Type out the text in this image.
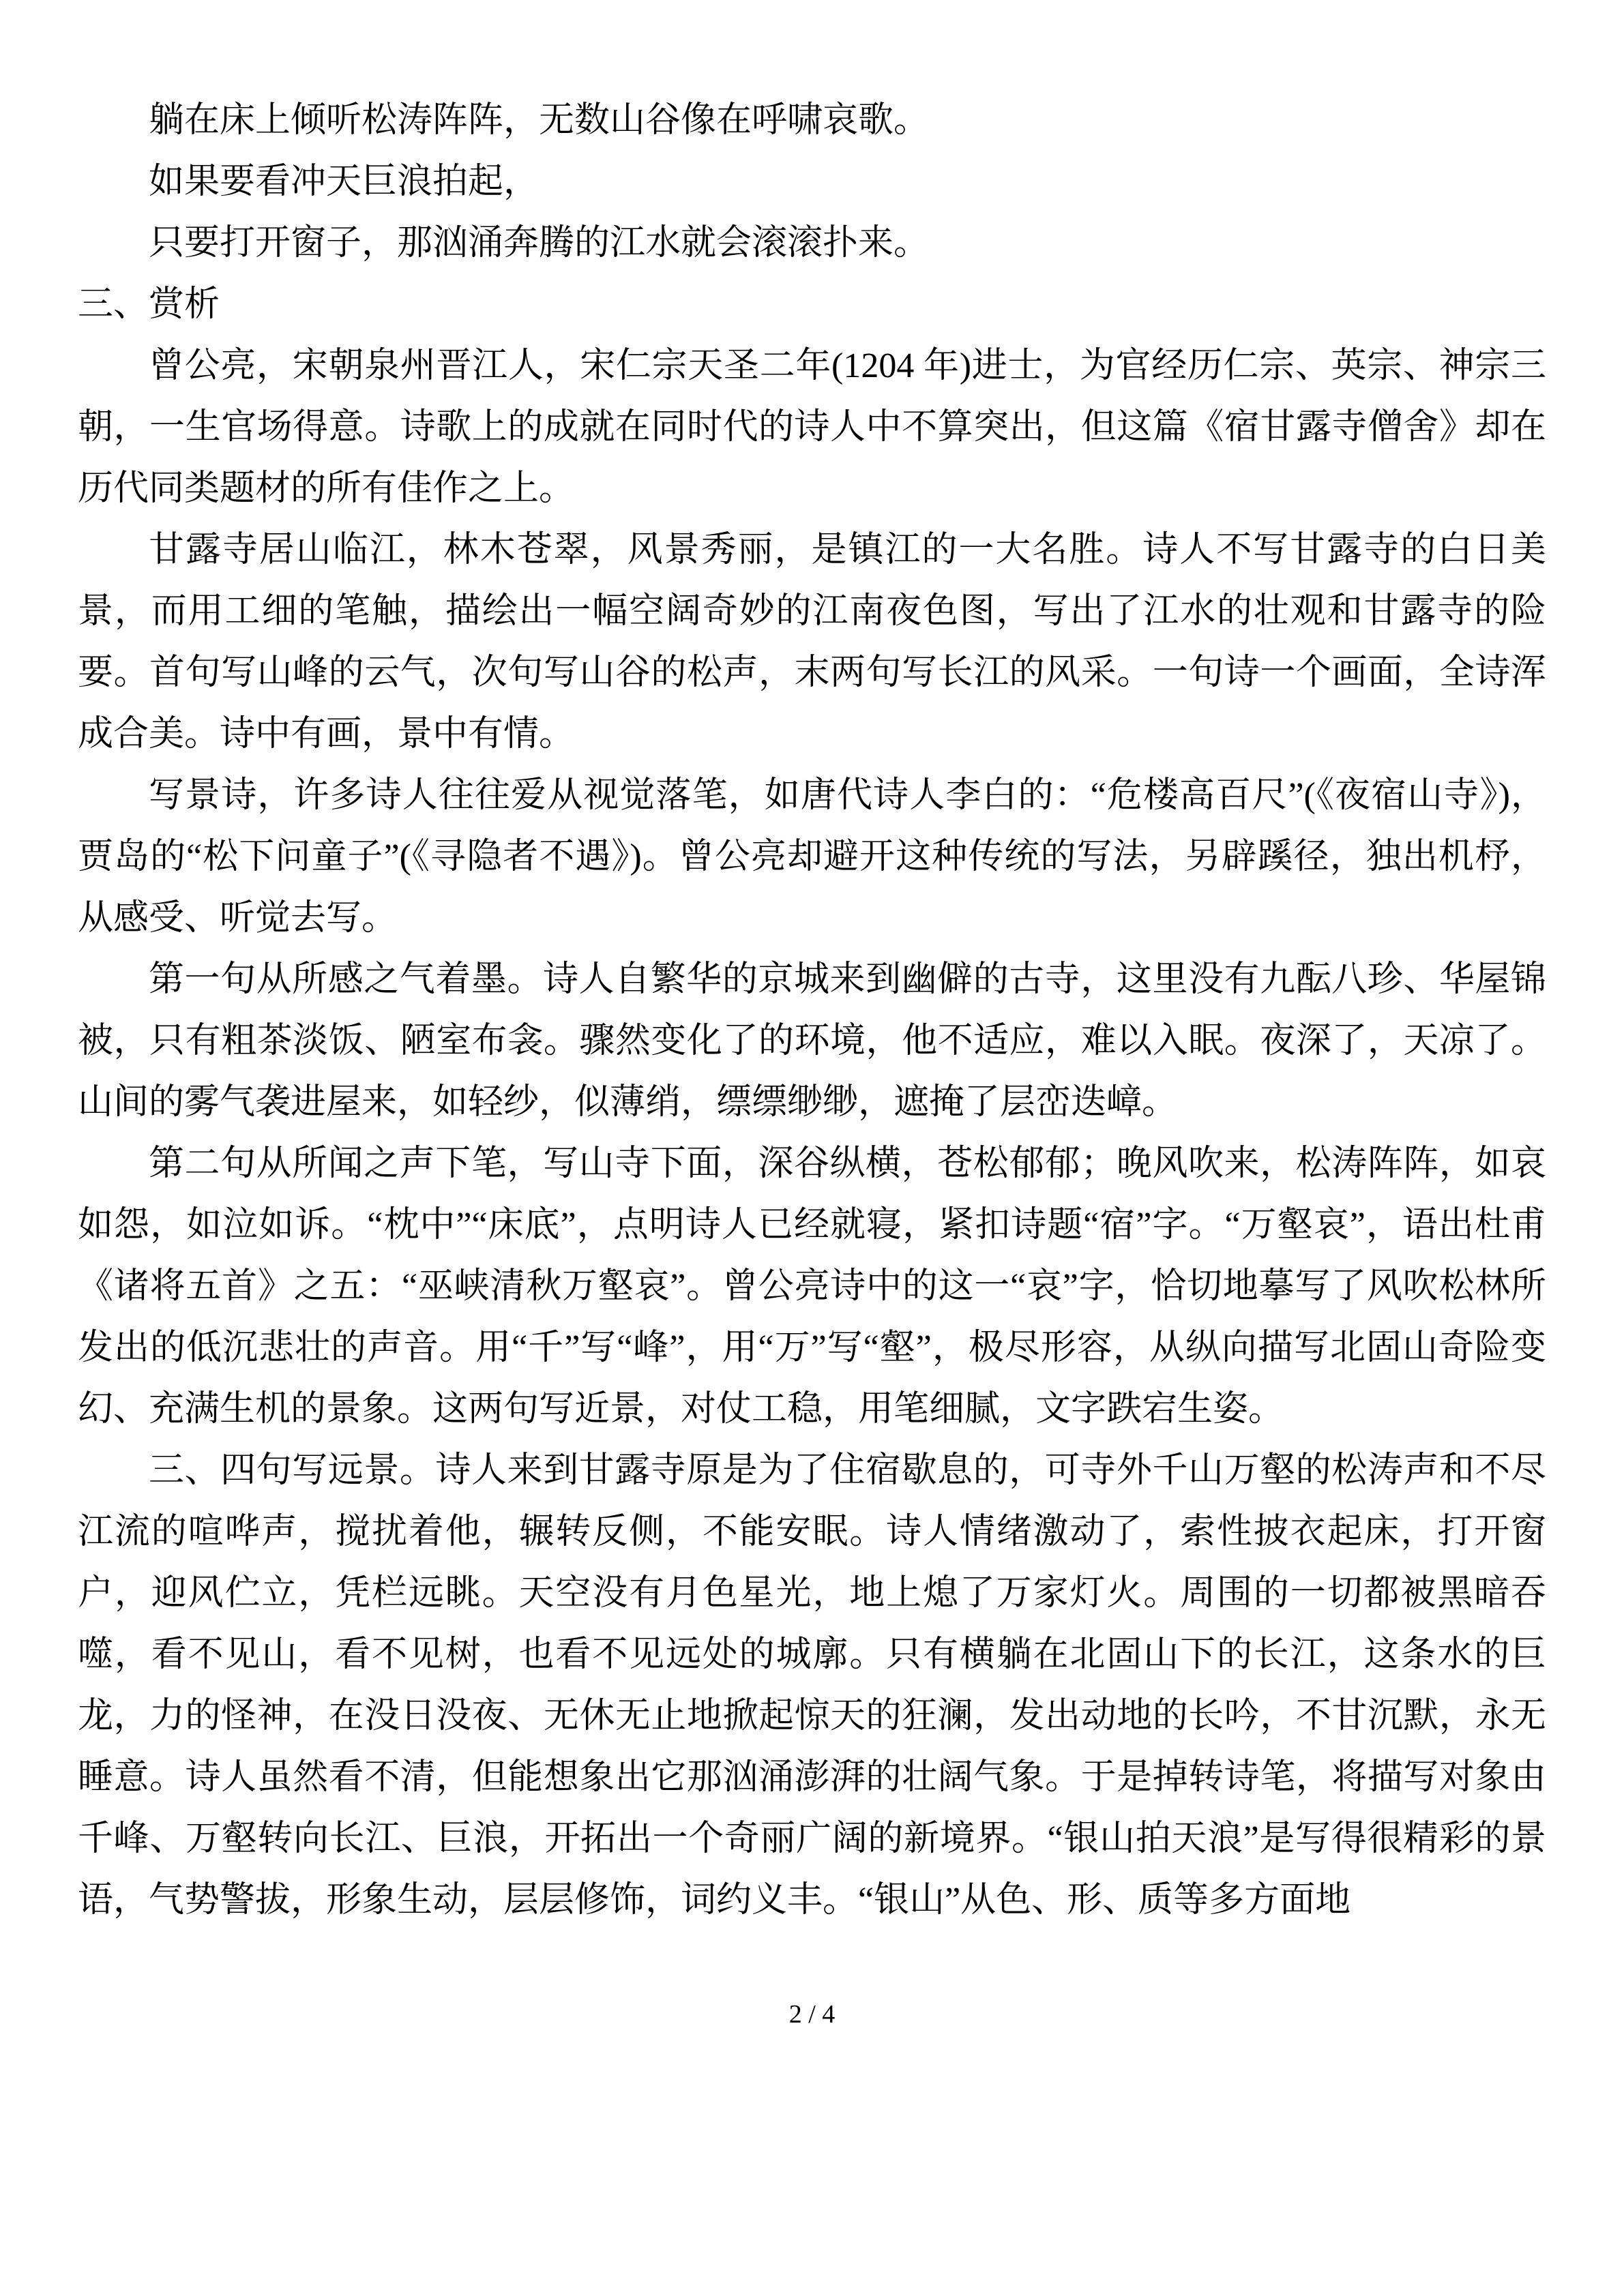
躺在床上倾听松涛阵阵，无数山谷像在呼啸哀歌。

如果要看冲天巨浪拍起，

只要打开窗子，那汹涌奔腾的江水就会滚滚扑来。

三、赏析

曾公亮，宋朝泉州晋江人，宋仁宗天圣二年(1204 年)进士，为官经历仁宗、英宗、神宗三朝，一生官场得意。诗歌上的成就在同时代的诗人中不算突出，但这篇《宿甘露寺僧舍》却在历代同类题材的所有佳作之上。

甘露寺居山临江，林木苍翠，风景秀丽，是镇江的一大名胜。诗人不写甘露寺的白日美景，而用工细的笔触，描绘出一幅空阔奇妙的江南夜色图，写出了江水的壮观和甘露寺的险要。首句写山峰的云气，次句写山谷的松声，末两句写长江的风采。一句诗一个画面，全诗浑成合美。诗中有画，景中有情。

写景诗，许多诗人往往爱从视觉落笔，如唐代诗人李白的：“危楼高百尺”(《夜宿山寺》)，贾岛的“松下问童子”(《寻隐者不遇》)。曾公亮却避开这种传统的写法，另辟蹊径，独出机杼，从感受、听觉去写。

第一句从所感之气着墨。诗人自繁华的京城来到幽僻的古寺，这里没有九酝八珍、华屋锦被，只有粗茶淡饭、陋室布衾。骤然变化了的环境，他不适应，难以入眠。夜深了，天凉了。山间的雾气袭进屋来，如轻纱，似薄绡，缥缥缈缈，遮掩了层峦迭嶂。

第二句从所闻之声下笔，写山寺下面，深谷纵横，苍松郁郁；晚风吹来，松涛阵阵，如哀如怨，如泣如诉。“枕中”“床底”，点明诗人已经就寝，紧扣诗题“宿”字。“万壑哀”，语出杜甫《诸将五首》之五：“巫峡清秋万壑哀”。曾公亮诗中的这一“哀”字，恰切地摹写了风吹松林所发出的低沉悲壮的声音。用“千”写“峰”，用“万”写“壑”，极尽形容，从纵向描写北固山奇险变幻、充满生机的景象。这两句写近景，对仗工稳，用笔细腻，文字跌宕生姿。

三、四句写远景。诗人来到甘露寺原是为了住宿歇息的，可寺外千山万壑的松涛声和不尽江流的喧哗声，搅扰着他，辗转反侧，不能安眠。诗人情绪激动了，索性披衣起床，打开窗户，迎风伫立，凭栏远眺。天空没有月色星光，地上熄了万家灯火。周围的一切都被黑暗吞噬，看不见山，看不见树，也看不见远处的城廓。只有横躺在北固山下的长江，这条水的巨龙，力的怪神，在没日没夜、无休无止地掀起惊天的狂澜，发出动地的长吟，不甘沉默，永无睡意。诗人虽然看不清，但能想象出它那汹涌澎湃的壮阔气象。于是掉转诗笔，将描写对象由千峰、万壑转向长江、巨浪，开拓出一个奇丽广阔的新境界。“银山拍天浪”是写得很精彩的景语，气势警拔，形象生动，层层修饰，词约义丰。“银山”从色、形、质等多方面地

2 / 4
